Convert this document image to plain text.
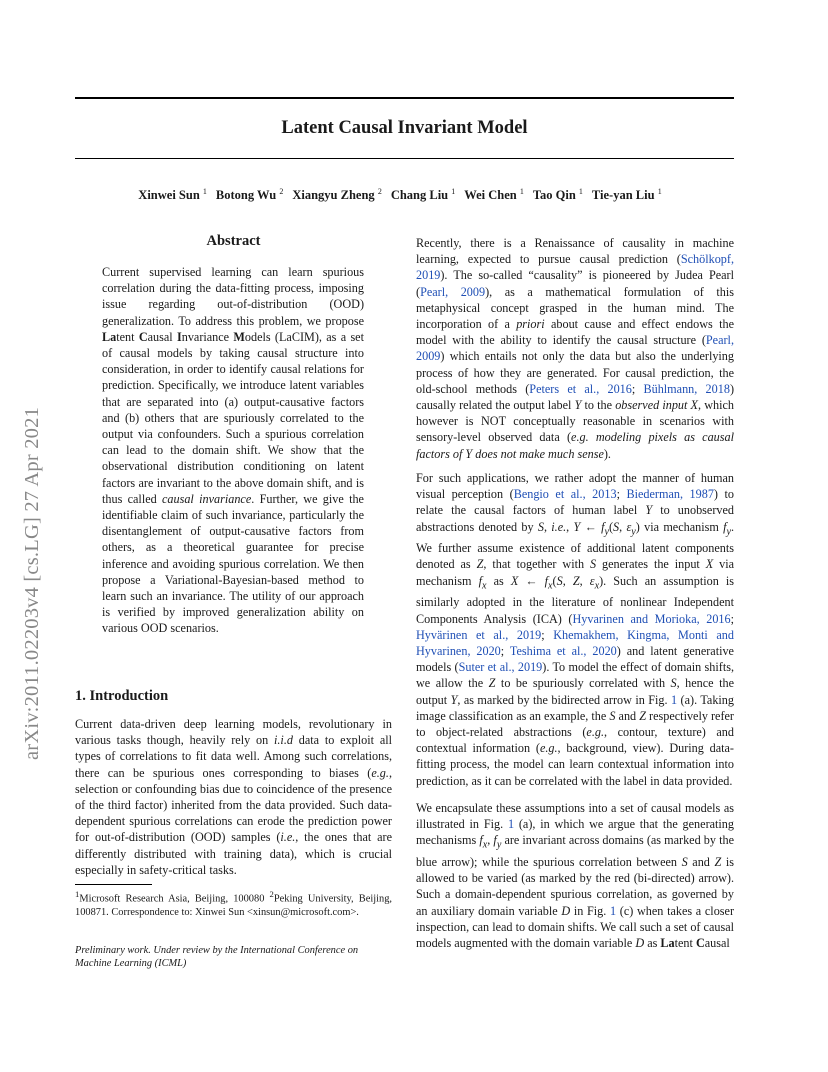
Latent Causal Invariant Model
Xinwei Sun $^1$ Botong Wu $^2$ Xiangyu Zheng $^2$ Chang Liu $^1$ Wei Chen $^1$ Tao Qin $^1$ Tie-yan Liu $^1$
arXiv:2011.02203v4 [cs.LG] 27 Apr 2021
Abstract
Current supervised learning can learn spurious correlation during the data-fitting process, imposing issue regarding out-of-distribution (OOD) generalization. To address this problem, we propose Latent Causal Invariance Models (LaCIM), as a set of causal models by taking causal structure into consideration, in order to identify causal relations for prediction. Specifically, we introduce latent variables that are separated into (a) output-causative factors and (b) others that are spuriously correlated to the output via confounders. Such a spurious correlation can lead to the domain shift. We show that the observational distribution conditioning on latent factors are invariant to the above domain shift, and is thus called causal invariance. Further, we give the identifiable claim of such invariance, particularly the disentanglement of output-causative factors from others, as a theoretical guarantee for precise inference and avoiding spurious correlation. We then propose a Variational-Bayesian-based method to learn such an invariance. The utility of our approach is verified by improved generalization ability on various OOD scenarios.
1. Introduction
Current data-driven deep learning models, revolutionary in various tasks though, heavily rely on i.i.d data to exploit all types of correlations to fit data well. Among such correlations, there can be spurious ones corresponding to biases (e.g., selection or confounding bias due to coincidence of the presence of the third factor) inherited from the data provided. Such data-dependent spurious correlations can erode the prediction power for out-of-distribution (OOD) samples (i.e., the ones that are differently distributed with training data), which is crucial especially in safety-critical tasks.
$^1$Microsoft Research Asia, Beijing, 100080 $^2$Peking University, Beijing, 100871. Correspondence to: Xinwei Sun <xinsun@microsoft.com>.
Preliminary work. Under review by the International Conference on Machine Learning (ICML)
Recently, there is a Renaissance of causality in machine learning, expected to pursue causal prediction (Schölkopf, 2019). The so-called “causality” is pioneered by Judea Pearl (Pearl, 2009), as a mathematical formulation of this metaphysical concept grasped in the human mind. The incorporation of a priori about cause and effect endows the model with the ability to identify the causal structure (Pearl, 2009) which entails not only the data but also the underlying process of how they are generated. For causal prediction, the old-school methods (Peters et al., 2016; Bühlmann, 2018) causally related the output label Y to the observed input X, which however is NOT conceptually reasonable in scenarios with sensory-level observed data (e.g. modeling pixels as causal factors of Y does not make much sense).
For such applications, we rather adopt the manner of human visual perception (Bengio et al., 2013; Biederman, 1987) to relate the causal factors of human label Y to unobserved abstractions denoted by S, i.e., Y ← $f_y(S$, $\varepsilon_y$) via mechanism $f_y$. We further assume existence of additional latent components denoted as Z, that together with S generates the input X via mechanism $f_x$ as X ← $f_x(S$, Z, $\varepsilon_x$). Such an assumption is similarly adopted in the literature of nonlinear Independent Components Analysis (ICA) (Hyvarinen and Morioka, 2016; Hyvärinen et al., 2019; Khemakhem, Kingma, Monti and Hyvarinen, 2020; Teshima et al., 2020) and latent generative models (Suter et al., 2019). To model the effect of domain shifts, we allow the Z to be spuriously correlated with S, hence the output Y, as marked by the bidirected arrow in Fig. 1 (a). Taking image classification as an example, the S and Z respectively refer to object-related abstractions (e.g., contour, texture) and contextual information (e.g., background, view). During data-fitting process, the model can learn contextual information into prediction, as it can be correlated with the label in data provided.
We encapsulate these assumptions into a set of causal models as illustrated in Fig. 1 (a), in which we argue that the generating mechanisms $f_x$, $f_y$ are invariant across domains (as marked by the blue arrow); while the spurious correlation between S and Z is allowed to be varied (as marked by the red (bi-directed) arrow). Such a domain-dependent spurious correlation, as governed by an auxiliary domain variable D in Fig. 1 (c) when takes a closer inspection, can lead to domain shifts. We call such a set of causal models augmented with the domain variable D as Latent Causal
